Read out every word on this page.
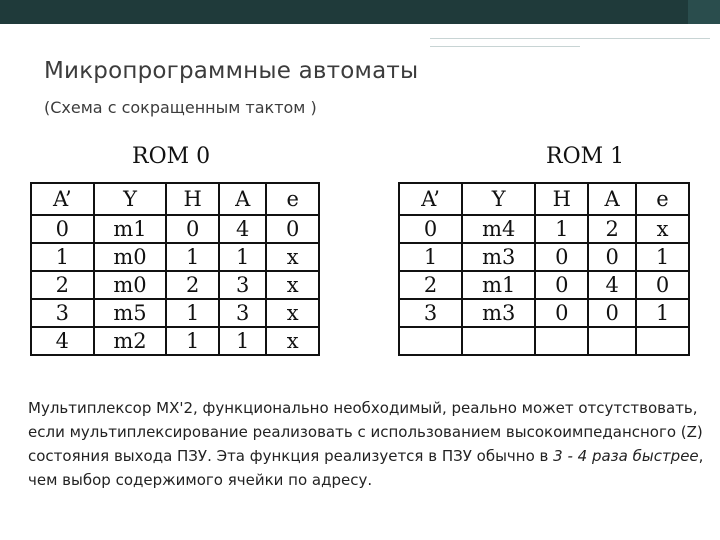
Микропрограммные автоматы
(Схема с сокращенным тактом )
ROM 0	ROM 1
A’	Y	H	A	e
0	m1	0	4	0
1	m0	1	1	x
2	m0	2	3	x
3	m5	1	3	x
4	m2	1	1	x
A’	Y	H	A	e
0	m4	1	2	x
1	m3	0	0	1
2	m1	0	4	0
3	m3	0	0	1

Мультиплексор MX'2, функционально необходимый, реально может отсутствовать, если мультиплексирование реализовать с использованием высокоимпедансного (Z) состояния выхода ПЗУ. Эта функция реализуется в ПЗУ обычно в 3 - 4 раза быстрее, чем выбор содержимого ячейки по адресу.
